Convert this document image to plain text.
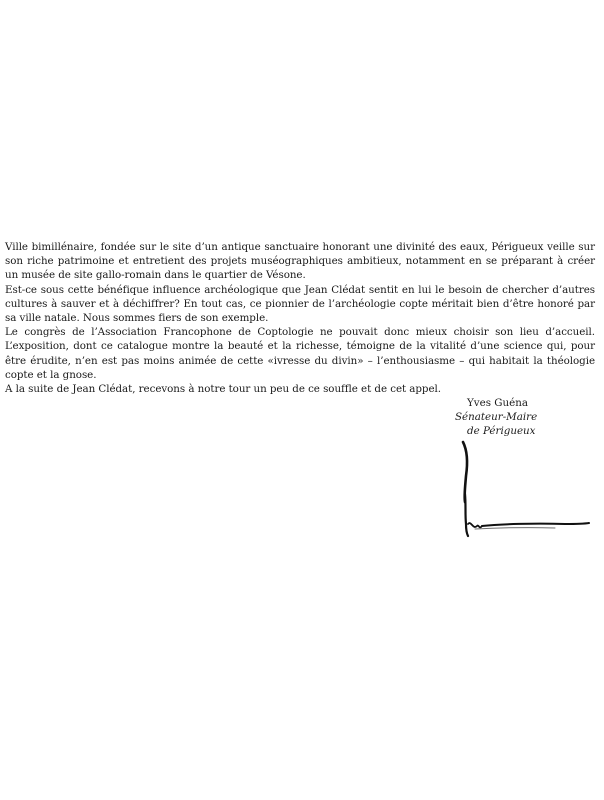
Ville bimillénaire, fondée sur le site d’un antique sanctuaire honorant une divinité des eaux, Périgueux veille sur son riche patrimoine et entretient des projets muséographiques ambitieux, notamment en se préparant à créer un musée de site gallo-romain dans le quartier de Vésone.

Est-ce sous cette bénéfique influence archéologique que Jean Clédat sentit en lui le besoin de chercher d’autres cultures à sauver et à déchiffrer? En tout cas, ce pionnier de l’archéologie copte méritait bien d’être honoré par sa ville natale. Nous sommes fiers de son exemple.

Le congrès de l’Association Francophone de Coptologie ne pouvait donc mieux choisir son lieu d’accueil. L’exposition, dont ce catalogue montre la beauté et la richesse, témoigne de la vitalité d’une science qui, pour être érudite, n’en est pas moins animée de cette «ivresse du divin» – l’enthousiasme – qui habitait la théologie copte et la gnose.

A la suite de Jean Clédat, recevons à notre tour un peu de ce souffle et de cet appel.

Yves Guéna
Sénateur-Maire
de Périgueux
